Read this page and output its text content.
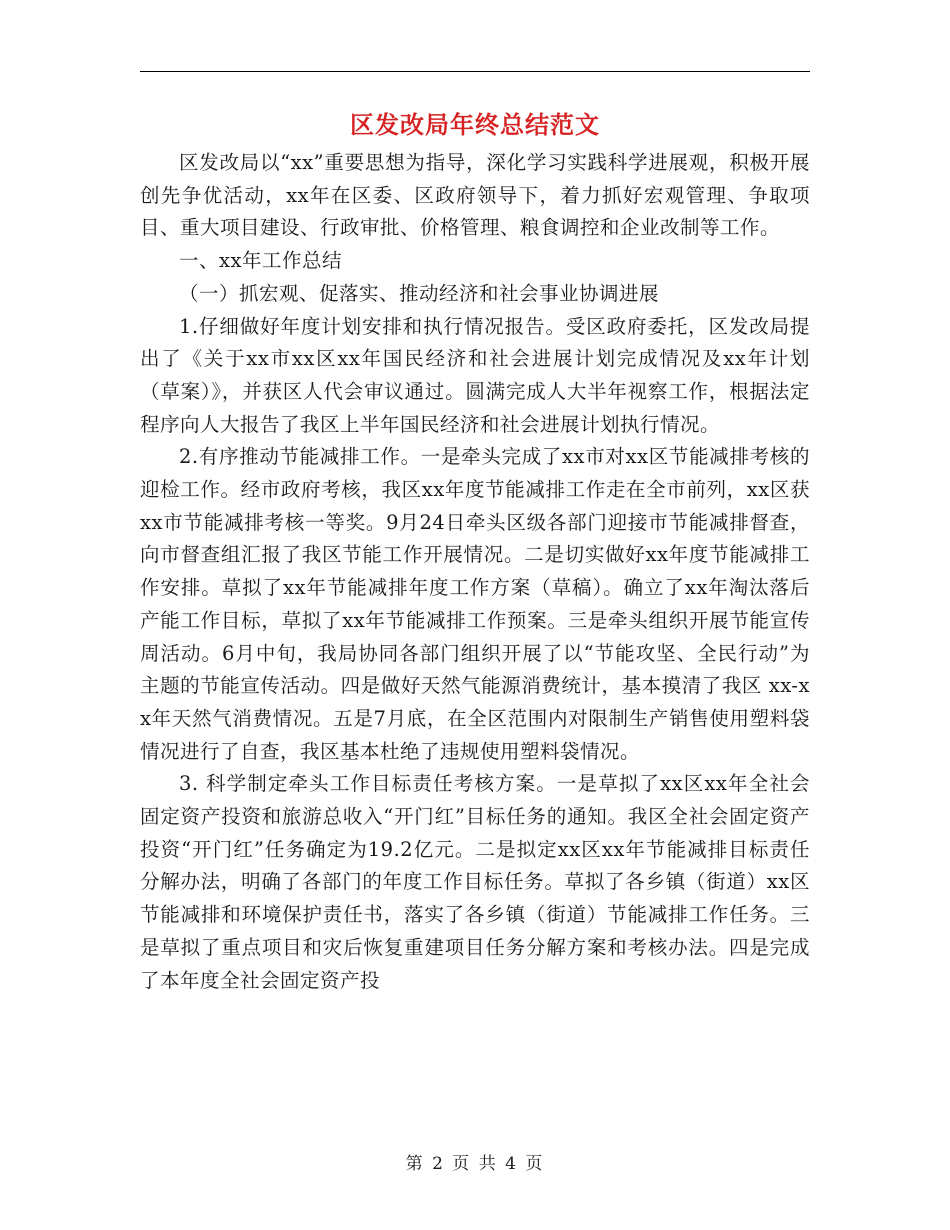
区发改局年终总结范文

区发改局以“xx”重要思想为指导，深化学习实践科学进展观，积极开展创先争优活动，xx年在区委、区政府领导下，着力抓好宏观管理、争取项目、重大项目建设、行政审批、价格管理、粮食调控和企业改制等工作。

一、xx年工作总结

（一）抓宏观、促落实、推动经济和社会事业协调进展

1.仔细做好年度计划安排和执行情况报告。受区政府委托，区发改局提出了《关于xx市xx区xx年国民经济和社会进展计划完成情况及xx年计划（草案）》，并获区人代会审议通过。圆满完成人大半年视察工作，根据法定程序向人大报告了我区上半年国民经济和社会进展计划执行情况。

2.有序推动节能减排工作。一是牵头完成了xx市对xx区节能减排考核的迎检工作。经市政府考核，我区xx年度节能减排工作走在全市前列，xx区获xx市节能减排考核一等奖。9月24日牵头区级各部门迎接市节能减排督查，向市督查组汇报了我区节能工作开展情况。二是切实做好xx年度节能减排工作安排。草拟了xx年节能减排年度工作方案（草稿）。确立了xx年淘汰落后产能工作目标，草拟了xx年节能减排工作预案。三是牵头组织开展节能宣传周活动。6月中旬，我局协同各部门组织开展了以“节能攻坚、全民行动”为主题的节能宣传活动。四是做好天然气能源消费统计，基本摸清了我区 xx-xx年天然气消费情况。五是7月底，在全区范围内对限制生产销售使用塑料袋情况进行了自查，我区基本杜绝了违规使用塑料袋情况。

3. 科学制定牵头工作目标责任考核方案。一是草拟了xx区xx年全社会固定资产投资和旅游总收入“开门红”目标任务的通知。我区全社会固定资产投资“开门红”任务确定为19.2亿元。二是拟定xx区xx年节能减排目标责任分解办法，明确了各部门的年度工作目标任务。草拟了各乡镇（街道）xx区节能减排和环境保护责任书，落实了各乡镇（街道）节能减排工作任务。三是草拟了重点项目和灾后恢复重建项目任务分解方案和考核办法。四是完成了本年度全社会固定资产投

第 2 页 共 4 页
